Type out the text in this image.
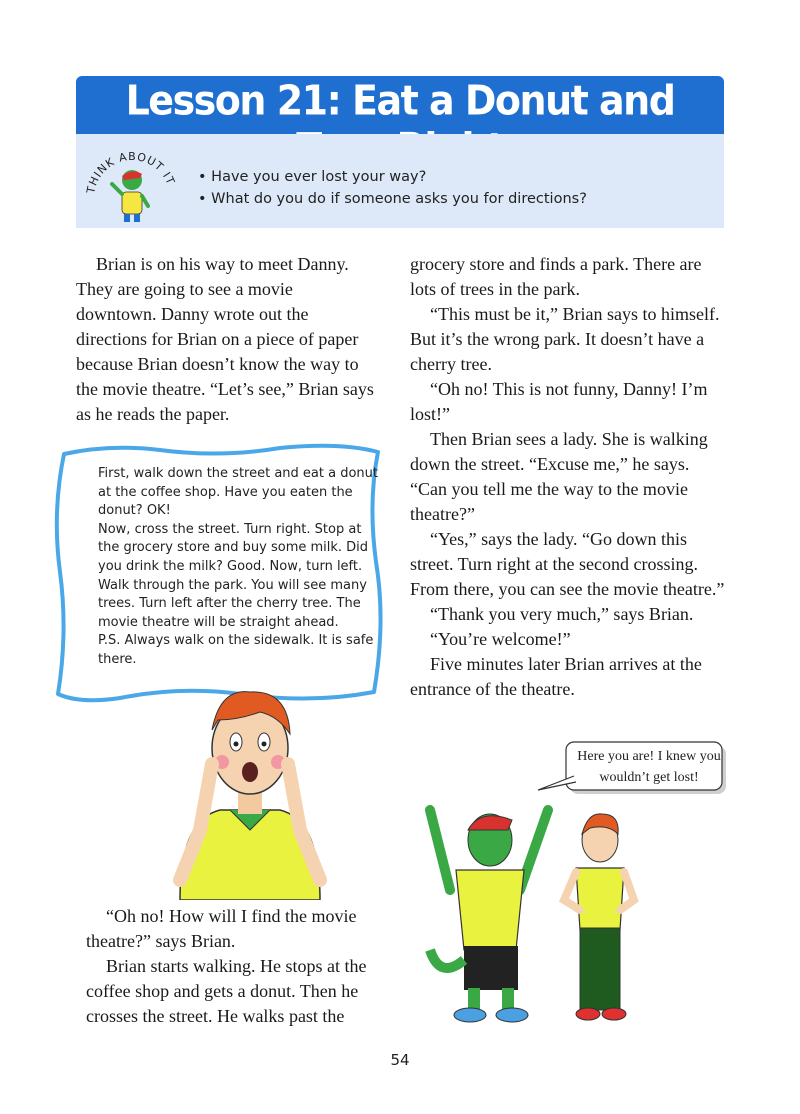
Lesson 21: Eat a Donut and
THINK ABOUT IT • Have you ever lost your way?
• What do you do if someone asks you for directions?

Brian is on his way to meet Danny. They are going to see a movie downtown. Danny wrote out the directions for Brian on a piece of paper because Brian doesn’t know the way to the movie theatre. “Let’s see,” Brian says as he reads the paper.

First, walk down the street and eat a donut at the coffee shop. Have you eaten the donut? OK!

Now, cross the street. Turn right. Stop at the grocery store and buy some milk. Did you drink the milk? Good. Now, turn left. Walk through the park. You will see many trees. Turn left after the cherry tree. The movie theatre will be straight ahead.

P.S. Always walk on the sidewalk. It is safe there.

“Oh no! How will I find the movie theatre?” says Brian.

Brian starts walking. He stops at the coffee shop and gets a donut. Then he crosses the street. He walks past the

grocery store and finds a park. There are lots of trees in the park.

“This must be it,” Brian says to himself. But it’s the wrong park. It doesn’t have a cherry tree.

“Oh no! This is not funny, Danny! I’m lost!”

Then Brian sees a lady. She is walking down the street. “Excuse me,” he says. “Can you tell me the way to the movie theatre?”

“Yes,” says the lady. “Go down this street. Turn right at the second crossing. From there, you can see the movie theatre.”

“Thank you very much,” says Brian.

“You’re welcome!”

Five minutes later Brian arrives at the entrance of the theatre.

Here you are! I knew you wouldn’t get lost!
54
